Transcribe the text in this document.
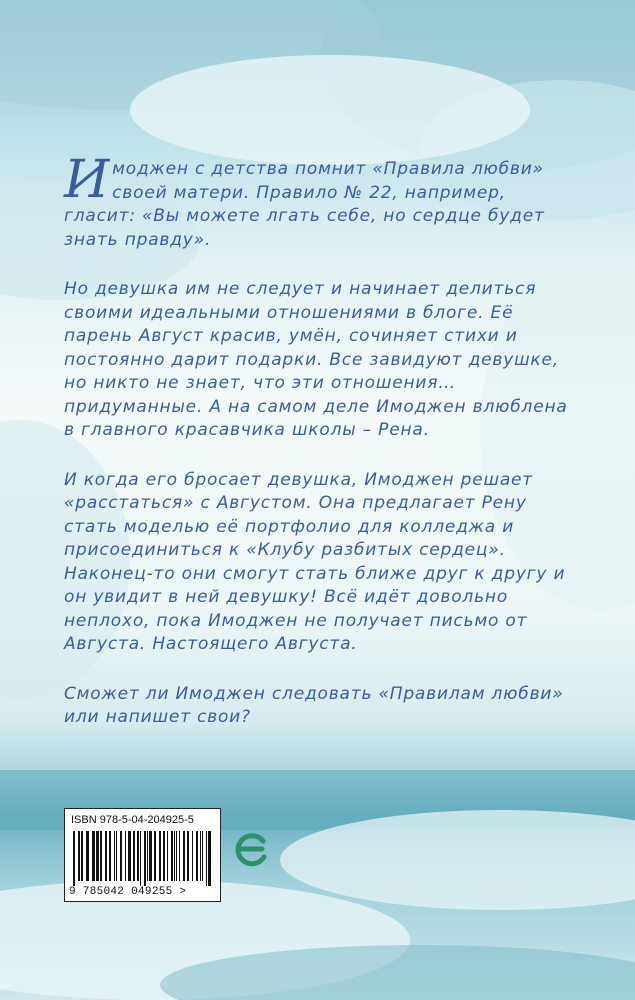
Имоджен с детства помнит «Правила любви» своей матери. Правило № 22, например, гласит: «Вы можете лгать себе, но сердце будет знать правду».

Но девушка им не следует и начинает делиться своими идеальными отношениями в блоге. Её парень Август красив, умён, сочиняет стихи и постоянно дарит подарки. Все завидуют девушке, но никто не знает, что эти отношения… придуманные. А на самом деле Имоджен влюблена в главного красавчика школы – Рена.

И когда его бросает девушка, Имоджен решает «расстаться» с Августом. Она предлагает Рену стать моделью её портфолио для колледжа и присоединиться к «Клубу разбитых сердец». Наконец-то они смогут стать ближе друг к другу и он увидит в ней девушку! Всё идёт довольно неплохо, пока Имоджен не получает письмо от Августа. Настоящего Августа.

Сможет ли Имоджен следовать «Правилам любви» или напишет свои?

ISBN 978-5-04-204925-5
9 785042 049255 >
